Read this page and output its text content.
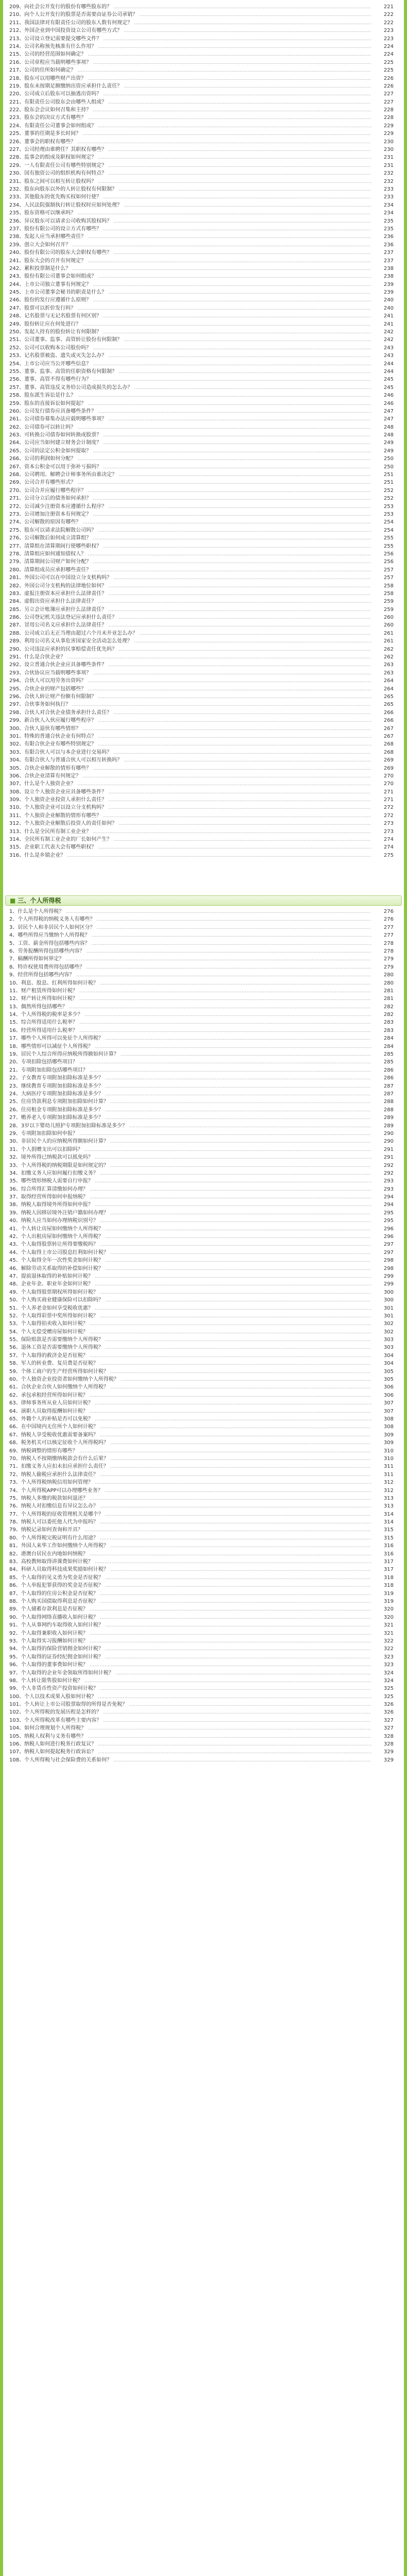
209、向社会公开发行的股份有哪些股东的？ .....	221
210、向个人公开发行的股票是否需要由证券公司承销？ .....	222
211、我国法律对有限责任公司的股东人数有何规定？ .....	222
212、外国企业到中国投资设立公司有哪些方式？ .....	223
213、公司设立登记需要提交哪些文件？ .....	223
214、公司名称预先核准有什么作用？ .....	224
215、公司的经营范围如何确定？ .....	224
216、公司章程应当载明哪些事项？ .....	225
217、公司的住所如何确定？ .....	225
218、股东可以用哪些财产出资？ .....	226
219、股东未按期足额缴纳出资应承担什么责任？ .....	226
220、公司成立后股东可以抽逃出资吗？ .....	227
221、有限责任公司股东会由哪些人组成？ .....	227
222、股东会会议如何召集和主持？ .....	228
223、股东会的决议方式有哪些？ .....	228
224、有限责任公司董事会如何组成？ .....	229
225、董事的任期是多长时间？ .....	229
226、董事会的职权有哪些？ .....	230
227、公司经理由谁聘任？其职权有哪些？ .....	230
228、监事会的组成及职权如何规定？ .....	231
229、一人有限责任公司有哪些特别规定？ .....	231
230、国有独资公司的组织机构有何特点？ .....	232
231、股东之间可以相互转让股权吗？ .....	232
232、股东向股东以外的人转让股权有何限制？ .....	233
233、其他股东的优先购买权如何行使？ .....	233
234、人民法院强制执行转让股权时应如何处理？ .....	234
235、股东资格可以继承吗？ .....	234
236、异议股东可以请求公司收购其股权吗？ .....	235
237、股份有限公司的设立方式有哪些？ .....	235
238、发起人应当承担哪些责任？ .....	236
239、创立大会如何召开？ .....	236
240、股份有限公司的股东大会职权有哪些？ .....	237
241、股东大会的召开有何规定？ .....	237
242、累积投票制是什么？ .....	238
243、股份有限公司董事会如何组成？ .....	238
244、上市公司独立董事有何规定？ .....	239
245、上市公司董事会秘书的职责是什么？ .....	239
246、股份的发行应遵循什么原则？ .....	240
247、股票可以折价发行吗？ .....	240
248、记名股票与无记名股票有何区别？ .....	241
249、股份转让应在何处进行？ .....	241
250、发起人持有的股份转让有何限制？ .....	242
251、公司董事、监事、高管转让股份有何限制？ .....	242
252、公司可以收购本公司股份吗？ .....	243
253、记名股票被盗、遗失或灭失怎么办？ .....	243
254、上市公司应当公开哪些信息？ .....	244
255、董事、监事、高管的任职资格有何限制？ .....	244
256、董事、高管不得有哪些行为？ .....	245
257、董事、高管违反义务给公司造成损失的怎么办？ .....	245
258、股东派生诉讼是什么？ .....	246
259、股东的直接诉讼如何提起？ .....	246
260、公司发行债券应具备哪些条件？ .....	247
261、公司债券募集办法应载明哪些事项？ .....	247
262、公司债券可以转让吗？ .....	248
263、可转换公司债券如何转换成股票？ .....	248
264、公司应当如何建立财务会计制度？ .....	249
265、公司的法定公积金如何提取？ .....	249
266、公司的利润如何分配？ .....	250
267、资本公积金可以用于弥补亏损吗？ .....	250
268、公司聘用、解聘会计师事务所由谁决定？ .....	251
269、公司合并有哪些形式？ .....	251
270、公司合并应履行哪些程序？ .....	252
271、公司分立后的债务如何承担？ .....	252
272、公司减少注册资本应遵循什么程序？ .....	253
273、公司增加注册资本有何规定？ .....	253
274、公司解散的原因有哪些？ .....	254
275、股东可以请求法院解散公司吗？ .....	254
276、公司解散后如何成立清算组？ .....	255
277、清算组在清算期间行使哪些职权？ .....	255
278、清算组应如何通知债权人？ .....	256
279、清算期间公司财产如何分配？ .....	256
280、清算组成员应承担哪些责任？ .....	257
281、外国公司可以在中国设立分支机构吗？ .....	257
282、外国公司分支机构的法律地位如何？ .....	258
283、虚报注册资本应承担什么法律责任？ .....	258
284、虚假出资应承担什么法律责任？ .....	259
285、另立会计账簿应承担什么法律责任？ .....	259
286、公司登记机关违法登记应承担什么责任？ .....	260
287、冒用公司名义应承担什么法律责任？ .....	260
288、公司成立后无正当理由超过六个月未开业怎么办？ .....	261
289、利用公司名义从事危害国家安全活动怎么处理？ .....	261
290、公司违法应承担的民事赔偿责任优先吗？ .....	262
291、什么是合伙企业？ .....	262
292、设立普通合伙企业应具备哪些条件？ .....	263
293、合伙协议应当载明哪些事项？ .....	263
294、合伙人可以用劳务出资吗？ .....	264
295、合伙企业的财产包括哪些？ .....	264
296、合伙人转让财产份额有何限制？ .....	265
297、合伙事务如何执行？ .....	265
298、合伙人对合伙企业债务承担什么责任？ .....	266
299、新合伙人入伙应履行哪些程序？ .....	266
300、合伙人退伙有哪些情形？ .....	267
301、特殊的普通合伙企业有何特点？ .....	267
302、有限合伙企业有哪些特别规定？ .....	268
303、有限合伙人可以与本企业进行交易吗？ .....	268
304、有限合伙人与普通合伙人可以相互转换吗？ .....	269
305、合伙企业解散的情形有哪些？ .....	269
306、合伙企业清算有何规定？ .....	270
307、什么是个人独资企业？ .....	270
308、设立个人独资企业应具备哪些条件？ .....	271
309、个人独资企业投资人承担什么责任？ .....	271
310、个人独资企业可以设立分支机构吗？ .....	272
311、个人独资企业解散的情形有哪些？ .....	272
312、个人独资企业解散后投资人的责任如何？ .....	273
313、什么是全民所有制工业企业？ .....	273
314、全民所有制工业企业的厂长如何产生？ .....	274
315、企业职工代表大会有哪些职权？ .....	274
316、什么是乡镇企业？ .....	275
■ 三、个人所得税
1、什么是个人所得税？ .....	276
2、个人所得税的纳税义务人有哪些？ .....	276
3、居民个人和非居民个人如何区分？ .....	277
4、哪些所得应当缴纳个人所得税？ .....	277
5、工资、薪金所得包括哪些内容？ .....	278
6、劳务报酬所得包括哪些内容？ .....	278
7、稿酬所得如何界定？ .....	279
8、特许权使用费所得包括哪些？ .....	279
9、经营所得包括哪些内容？ .....	280
10、利息、股息、红利所得如何计税？ .....	280
11、财产租赁所得如何计税？ .....	281
12、财产转让所得如何计税？ .....	281
13、偶然所得包括哪些？ .....	282
14、个人所得税的税率是多少？ .....	282
15、综合所得适用什么税率？ .....	283
16、经营所得适用什么税率？ .....	283
17、哪些个人所得可以免征个人所得税？ .....	284
18、哪些情形可以减征个人所得税？ .....	284
19、居民个人综合所得应纳税所得额如何计算？ .....	285
20、专项扣除包括哪些项目？ .....	285
21、专项附加扣除包括哪些项目？ .....	286
22、子女教育专项附加扣除标准是多少？ .....	286
23、继续教育专项附加扣除标准是多少？ .....	287
24、大病医疗专项附加扣除标准是多少？ .....	287
25、住房贷款利息专项附加扣除如何计算？ .....	288
26、住房租金专项附加扣除标准是多少？ .....	288
27、赡养老人专项附加扣除标准是多少？ .....	289
28、3岁以下婴幼儿照护专项附加扣除标准是多少？ .....	289
29、专项附加扣除如何申报？ .....	290
30、非居民个人的应纳税所得额如何计算？ .....	290
31、个人捐赠支出可以扣除吗？ .....	291
32、境外所得已纳税款可以抵免吗？ .....	291
33、个人所得税的纳税期限是如何规定的？ .....	292
34、扣缴义务人应如何履行扣缴义务？ .....	292
35、哪些情形纳税人需要自行申报？ .....	293
36、综合所得汇算清缴如何办理？ .....	293
37、取得经营所得如何申报纳税？ .....	294
38、纳税人取得境外所得如何申报？ .....	294
39、纳税人因移居境外注销户籍如何办理？ .....	295
40、纳税人应当如何办理纳税识别号？ .....	295
41、个人转让房屋如何缴纳个人所得税？ .....	296
42、个人出租房屋如何缴纳个人所得税？ .....	296
43、个人取得股票转让所得要缴税吗？ .....	297
44、个人取得上市公司股息红利如何计税？ .....	297
45、个人取得全年一次性奖金如何计税？ .....	298
46、解除劳动关系取得的补偿如何计税？ .....	298
47、提前退休取得的补贴如何计税？ .....	299
48、企业年金、职业年金如何计税？ .....	299
49、个人取得股票期权所得如何计税？ .....	300
50、个人购买商业健康保险可以扣除吗？ .....	300
51、个人养老金如何享受税收优惠？ .....	301
52、个人取得彩票中奖所得如何计税？ .....	301
53、个人取得拍卖收入如何计税？ .....	302
54、个人无偿受赠房屋如何计税？ .....	302
55、保险赔款是否需要缴纳个人所得税？ .....	303
56、退休工资是否需要缴纳个人所得税？ .....	303
57、个人取得的救济金是否征税？ .....	304
58、军人的转业费、复员费是否征税？ .....	304
59、个体工商户的生产经营所得如何计税？ .....	305
60、个人独资企业投资者如何缴纳个人所得税？ .....	305
61、合伙企业合伙人如何缴纳个人所得税？ .....	306
62、承包承租经营所得如何计税？ .....	306
63、律师事务所从业人员如何计税？ .....	307
64、演职人员取得报酬如何计税？ .....	307
65、外籍个人的补贴是否可以免税？ .....	308
66、在中国境内无住所个人如何计税？ .....	308
67、纳税人享受税收优惠需要备案吗？ .....	309
68、税务机关可以核定征收个人所得税吗？ .....	309
69、纳税调整的情形有哪些？ .....	310
70、纳税人不按期缴纳税款会有什么后果？ .....	310
71、扣缴义务人应扣未扣应承担什么责任？ .....	311
72、纳税人偷税应承担什么法律责任？ .....	311
73、个人所得税纳税信用如何管理？ .....	312
74、个人所得税APP可以办理哪些业务？ .....	312
75、纳税人多缴的税款如何退还？ .....	313
76、纳税人对扣缴信息有异议怎么办？ .....	313
77、个人所得税的征收管理机关是哪个？ .....	314
78、纳税人可以委托他人代为申报吗？ .....	314
79、纳税记录如何查询和开具？ .....	315
80、个人所得税完税证明有什么用途？ .....	315
81、外国人来华工作如何缴纳个人所得税？ .....	316
82、港澳台居民在内地如何纳税？ .....	316
83、高校教师取得讲课费如何计税？ .....	317
84、科研人员取得科技成果奖励如何计税？ .....	317
85、个人取得的见义勇为奖金是否征税？ .....	318
86、个人举报犯罪获得的奖金是否征税？ .....	318
87、个人取得的住房公积金是否征税？ .....	319
88、个人购买国债取得利息是否征税？ .....	319
89、个人储蓄存款利息是否征税？ .....	320
90、个人取得网络直播收入如何计税？ .....	320
91、个人从事网约车取得收入如何计税？ .....	321
92、个人取得兼职收入如何计税？ .....	321
93、个人取得实习报酬如何计税？ .....	322
94、个人取得的保险营销佣金如何计税？ .....	322
95、个人取得的证券经纪佣金如何计税？ .....	323
96、个人取得的董事费如何计税？ .....	323
97、个人取得的企业年金领取所得如何计税？ .....	324
98、个人转让限售股如何计税？ .....	324
99、个人非货币性资产投资如何计税？ .....	325
100、个人以技术成果入股如何计税？ .....	325
101、个人转让上市公司股票取得的所得是否免税？ .....	326
102、个人所得税的发展历程是怎样的？ .....	326
103、个人所得税改革有哪些主要内容？ .....	327
104、如何合理规划个人所得税？ .....	327
105、纳税人权利与义务有哪些？ .....	328
106、纳税人如何进行税务行政复议？ .....	328
107、纳税人如何提起税务行政诉讼？ .....	329
108、个人所得税与社会保险费的关系如何？ .....	329
